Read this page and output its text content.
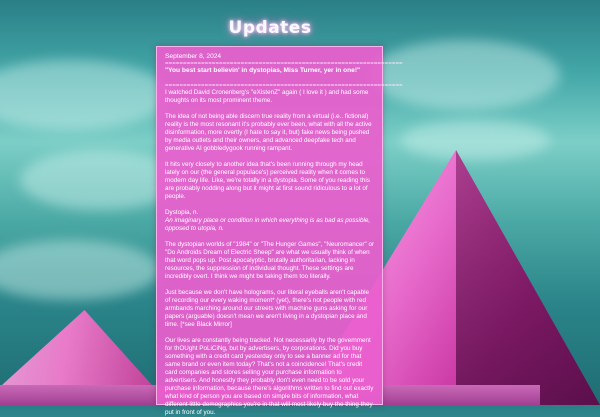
Updates
September 8, 2024
==================================================================

"You best start believin' in dystopias, Miss Turner, yer in one!"

==================================================================

I watched David Cronenberg's "eXistenZ" again ( I love it ) and had some thoughts on its most prominent theme.

The idea of not being able discern true reality from a virtual (i.e.. fictional) reality is the most resonant it's probably ever been, what with all the active disinformation, more overtly (I hate to say it, but) fake news being pushed by media outlets and their owners, and advanced deepfake tech and generative AI gobbledygook running rampant.

It hits very closely to another idea that's been running through my head lately on our (the general populace's) perceived reality when it comes to modern day life. Like, we're totally in a dystopia. Some of you reading this are probably nodding along but it might at first sound ridiculous to a lot of people.

Dystopia, n.
An imaginary place or condition in which everything is as bad as possible, opposed to utopia, n.

The dystopian worlds of "1984" or "The Hunger Games", "Neuromancer" or "Do Androids Dream of Electric Sheep" are what we usually think of when that word pops up. Post apocalyptic, brutally authoritarian, lacking in resources, the suppression of individual thought. These settings are incredibly overt. I think we might be taking them too literally.

Just because we don't have holograms, our literal eyeballs aren't capable of recording our every waking moment* (yet), there's not people with red armbands marching around our streets with machine guns asking for our papers (arguable) doesn't mean we aren't living in a dystopian place and time. [*see Black Mirror]

Our lives are constantly being tracked. Not necessarily by the government for thOUght PoLiCiNg, but by advertisers, by corporations. Did you buy something with a credit card yesterday only to see a banner ad for that same brand or even item today? That's not a coincidence! That's credit card companies and stores selling your purchase information to advertisers. And honestly they probably don't even need to be sold your purchase information, because there's algorithms written to find out exactly what kind of person you are based on simple bits of information, what different little demographics you're in that will most likely buy the thing they put in front of you.
